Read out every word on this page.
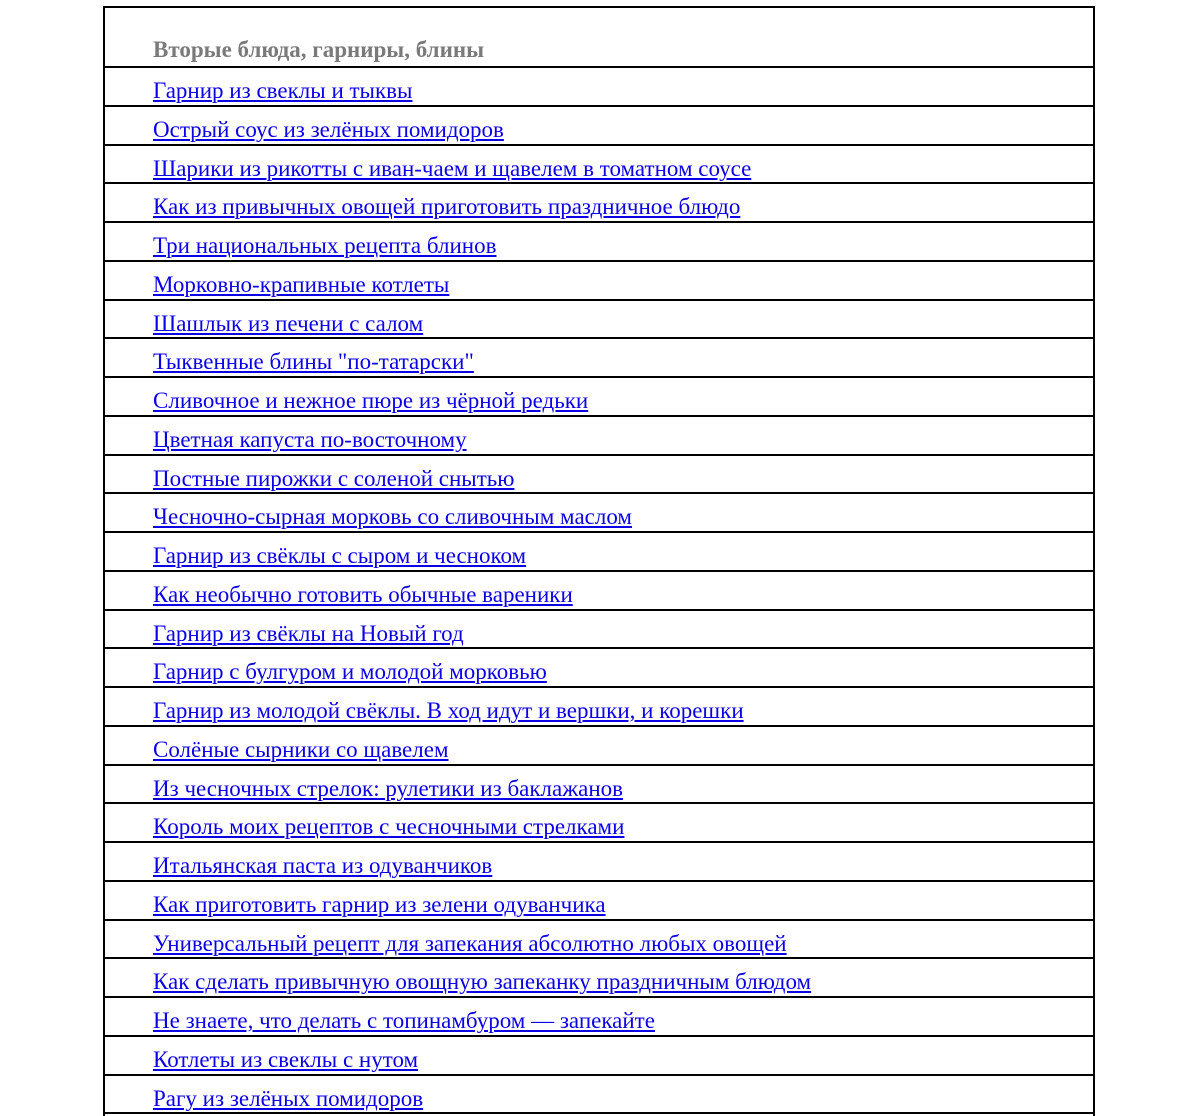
Вторые блюда, гарниры, блины
Гарнир из свеклы и тыквы
Острый соус из зелёных помидоров
Шарики из рикотты с иван-чаем и щавелем в томатном соусе
Как из привычных овощей приготовить праздничное блюдо
Три национальных рецепта блинов
Морковно-крапивные котлеты
Шашлык из печени с салом
Тыквенные блины "по-татарски"
Сливочное и нежное пюре из чёрной редьки
Цветная капуста по-восточному
Постные пирожки с соленой снытью
Чесночно-сырная морковь со сливочным маслом
Гарнир из свёклы с сыром и чесноком
Как необычно готовить обычные вареники
Гарнир из свёклы на Новый год
Гарнир с булгуром и молодой морковью
Гарнир из молодой свёклы. В ход идут и вершки, и корешки
Солёные сырники со щавелем
Из чесночных стрелок: рулетики из баклажанов
Король моих рецептов с чесночными стрелками
Итальянская паста из одуванчиков
Как приготовить гарнир из зелени одуванчика
Универсальный рецепт для запекания абсолютно любых овощей
Как сделать привычную овощную запеканку праздничным блюдом
Не знаете, что делать с топинамбуром — запекайте
Котлеты из свеклы с нутом
Рагу из зелёных помидоров
